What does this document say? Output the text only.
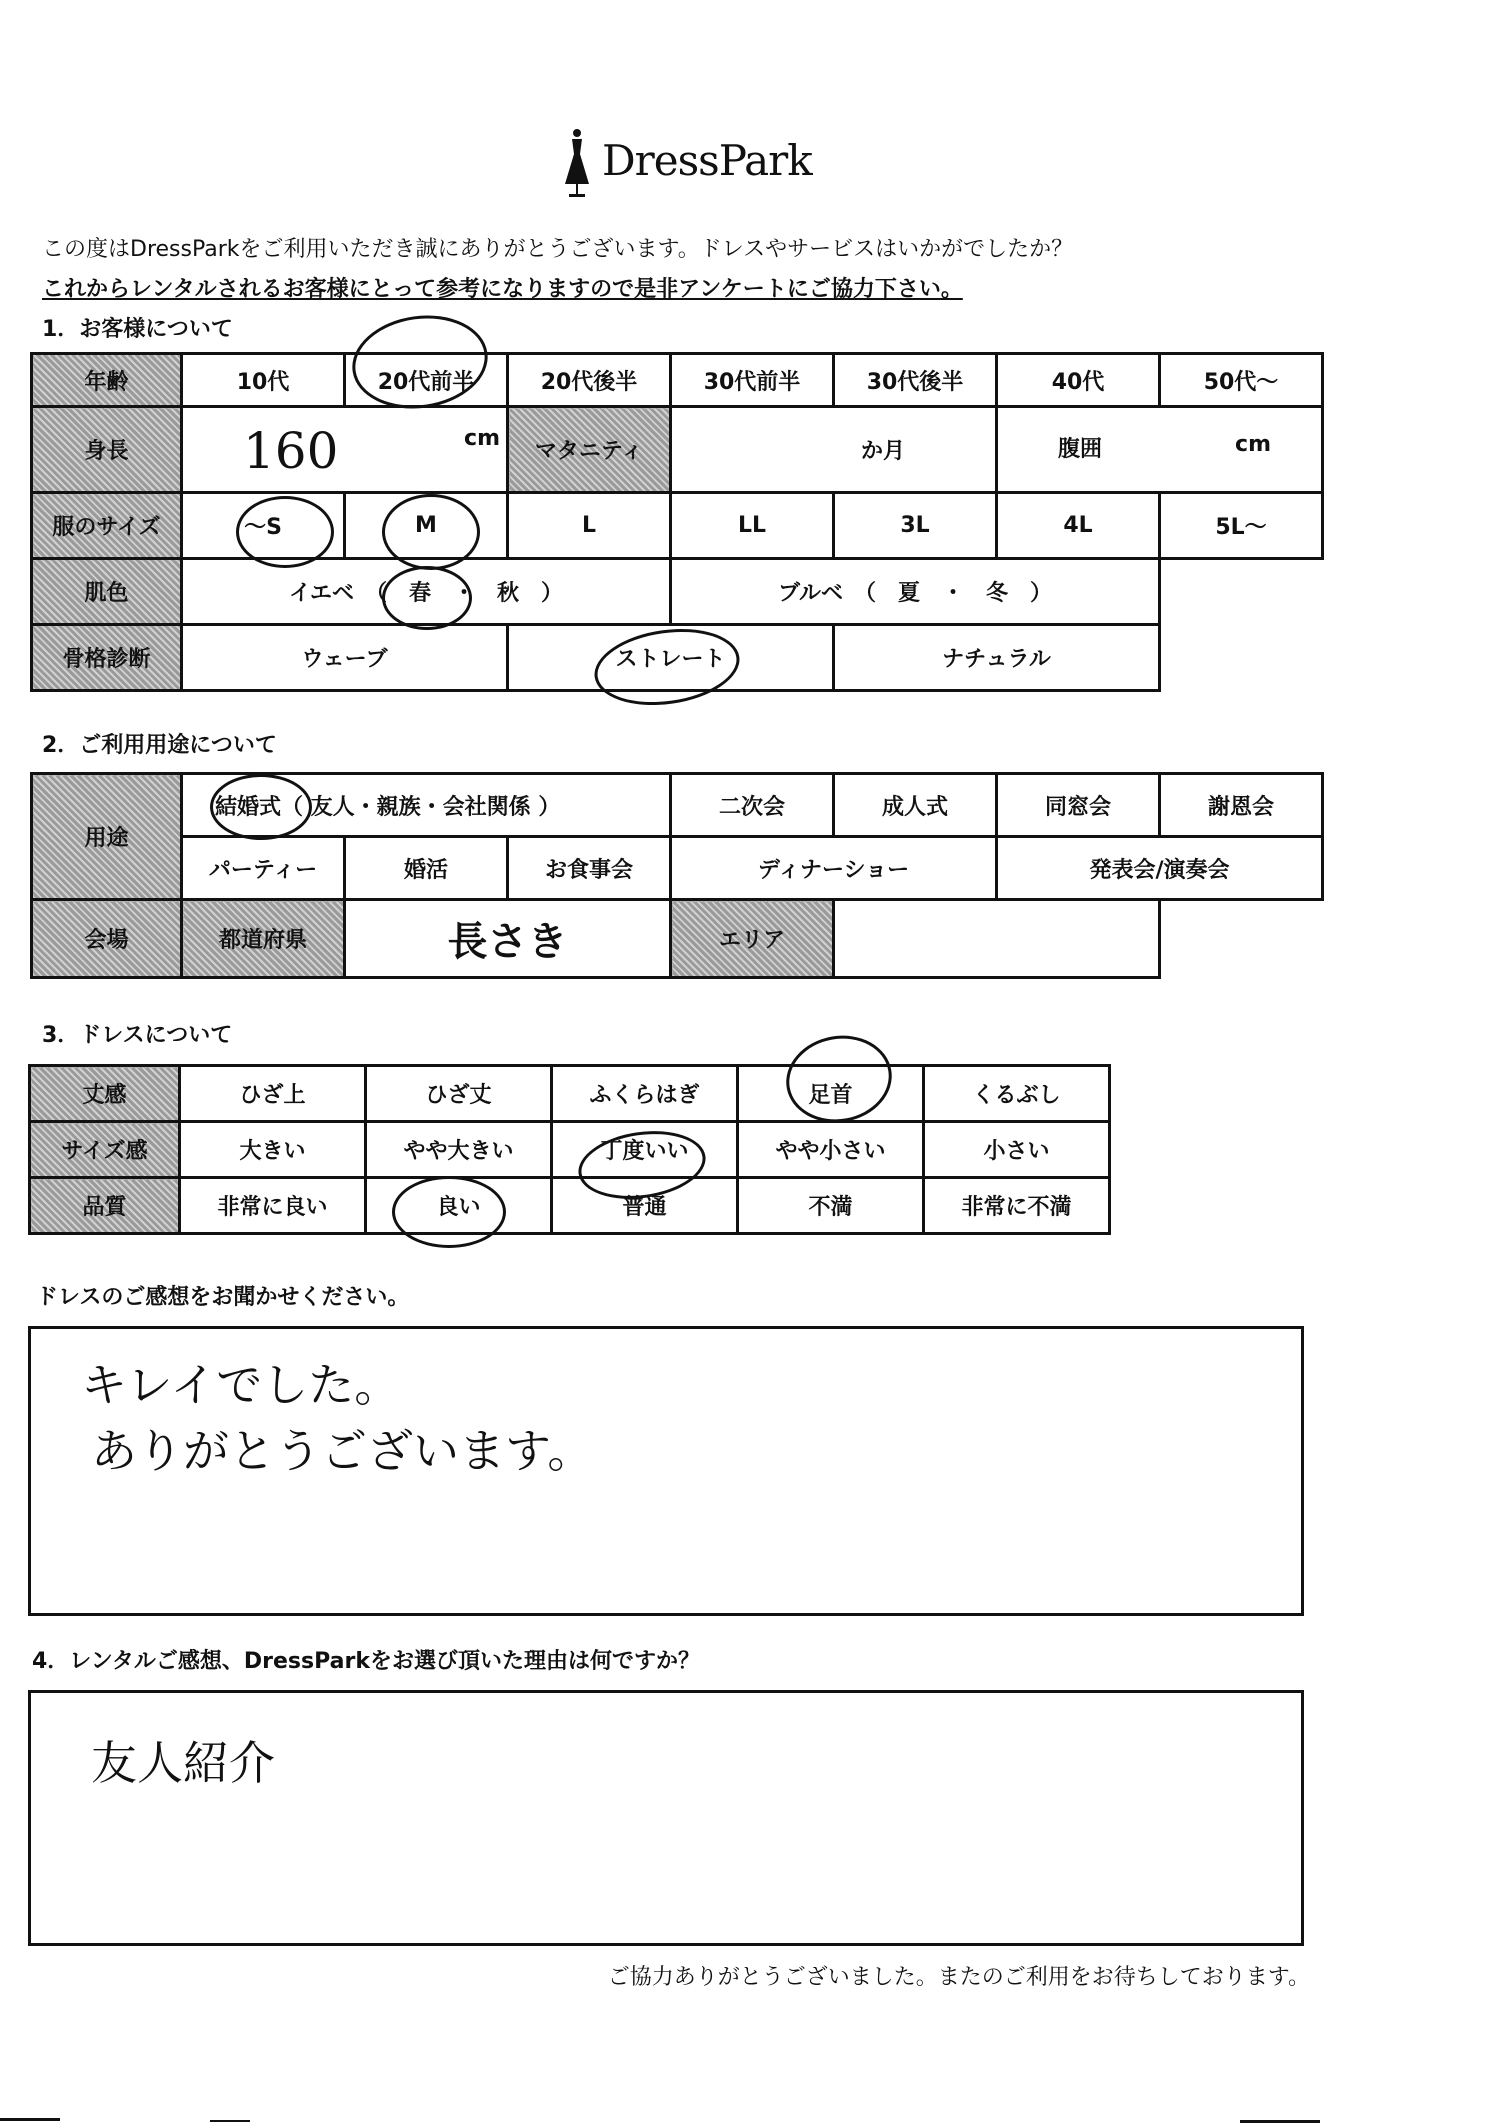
DressPark
この度はDressParkをご利用いただき誠にありがとうございます。ドレスやサービスはいかがでしたか？
これからレンタルされるお客様にとって参考になりますので是非アンケートにご協力下さい。
1．お客様について
年齢	10代	20代前半	20代後半	30代前半	30代後半	40代	50代～
身長	160 cm		マタニティ	か月		腹囲 cm	

服のサイズ	～S	M	L	LL	3L	4L	5L～
肌色	イエベ　（　春　・　秋　）			ブルベ　（　夏　・　冬　）			
骨格診断	ウェーブ		ストレート		ナチュラル		
2．ご利用用途について
用途	結婚式（ 友人・親族・会社関係 ）			二次会	成人式	同窓会	謝恩会
	パーティー	婚活	お食事会	ディナーショー		発表会/演奏会	
会場	都道府県	長さき		エリア			
3．ドレスについて
丈感	ひざ上	ひざ丈	ふくらはぎ	足首	くるぶし
サイズ感	大きい	やや大きい	丁度いい	やや小さい	小さい
品質	非常に良い	良い	普通	不満	非常に不満
ドレスのご感想をお聞かせください。
キレイでした。
ありがとうございます。
4．レンタルご感想、DressParkをお選び頂いた理由は何ですか？
友人紹介
ご協力ありがとうございました。またのご利用をお待ちしております。
